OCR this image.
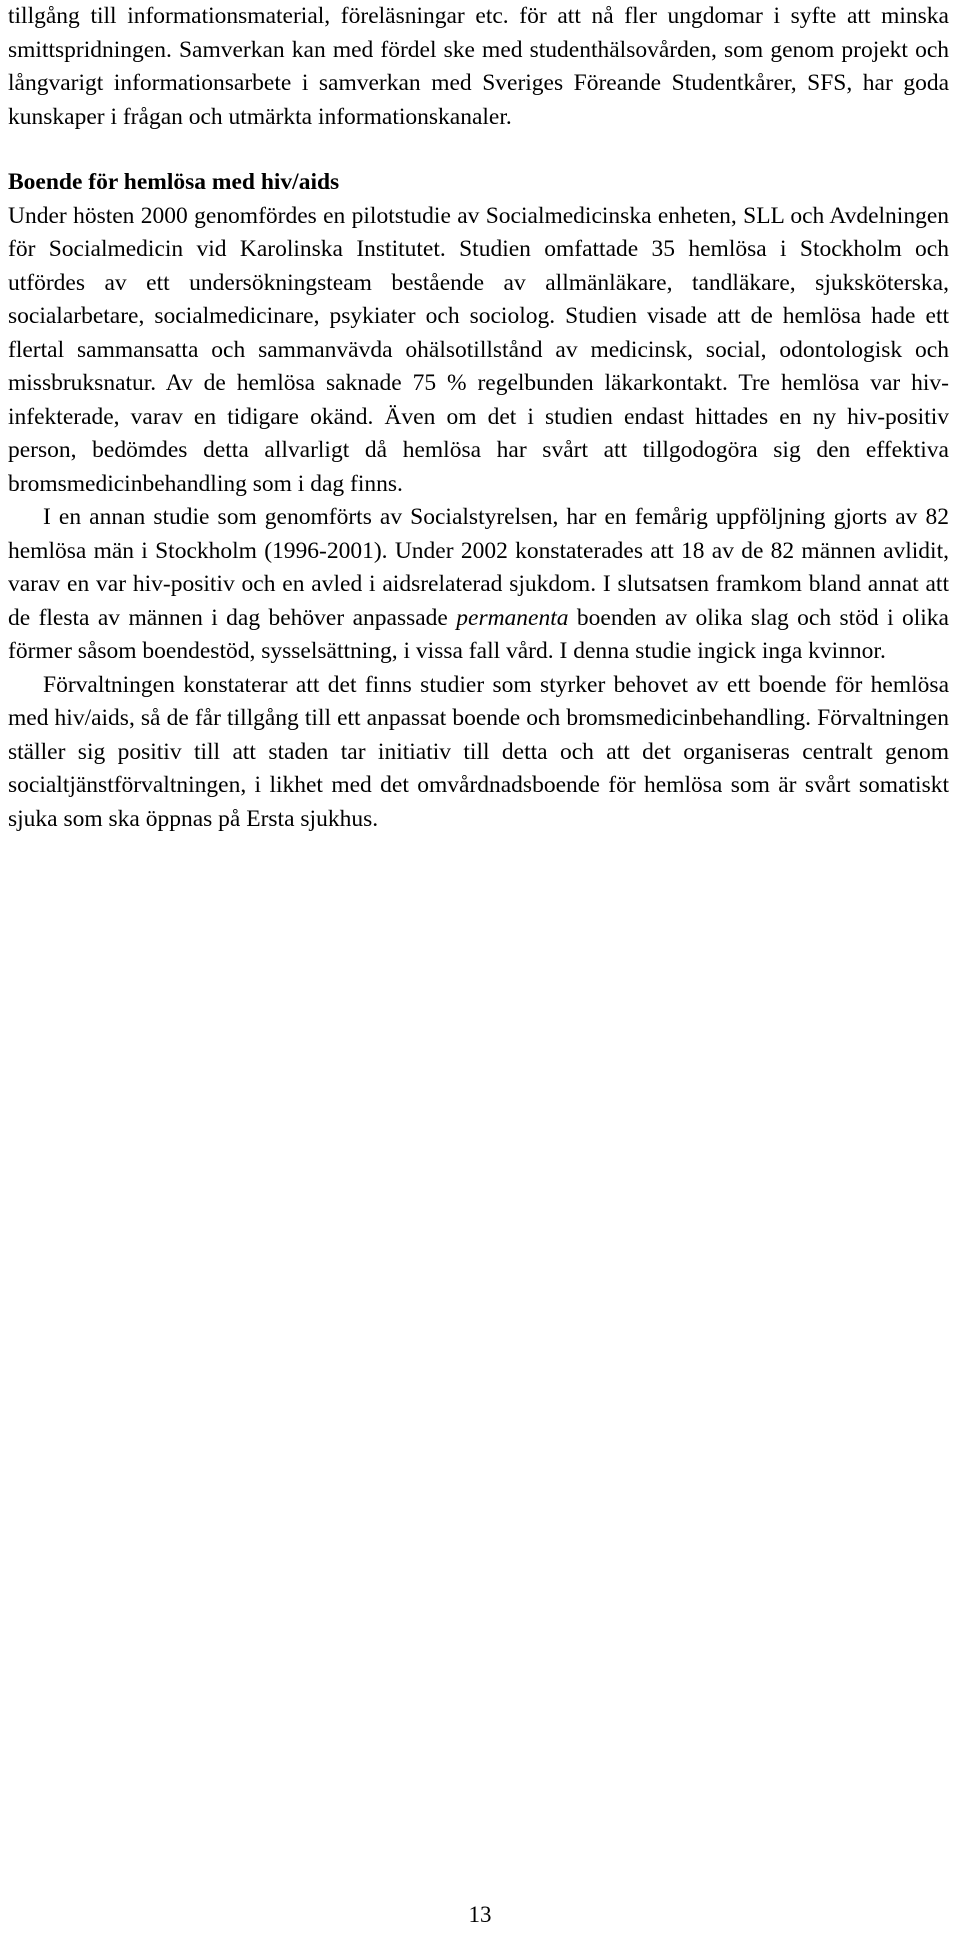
tillgång till informationsmaterial, föreläsningar etc. för att nå fler ungdomar i syfte att minska smittspridningen. Samverkan kan med fördel ske med studenthälsovården, som genom projekt och långvarigt informationsarbete i samverkan med Sveriges Föreande Studentkårer, SFS, har goda kunskaper i frågan och utmärkta informationskanaler.

Boende för hemlösa med hiv/aids

Under hösten 2000 genomfördes en pilotstudie av Socialmedicinska enheten, SLL och Avdelningen för Socialmedicin vid Karolinska Institutet. Studien omfattade 35 hemlösa i Stockholm och utfördes av ett undersökningsteam bestående av allmänläkare, tandläkare, sjuksköterska, socialarbetare, socialmedicinare, psykiater och sociolog. Studien visade att de hemlösa hade ett flertal sammansatta och sammanvävda ohälsotillstånd av medicinsk, social, odontologisk och missbruksnatur. Av de hemlösa saknade 75 % regelbunden läkarkontakt. Tre hemlösa var hiv-infekterade, varav en tidigare okänd. Även om det i studien endast hittades en ny hiv-positiv person, bedömdes detta allvarligt då hemlösa har svårt att tillgodogöra sig den effektiva bromsmedicinbehandling som i dag finns.

I en annan studie som genomförts av Socialstyrelsen, har en femårig uppföljning gjorts av 82 hemlösa män i Stockholm (1996-2001). Under 2002 konstaterades att 18 av de 82 männen avlidit, varav en var hiv-positiv och en avled i aidsrelaterad sjukdom. I slutsatsen framkom bland annat att de flesta av männen i dag behöver anpassade permanenta boenden av olika slag och stöd i olika förmer såsom boendestöd, sysselsättning, i vissa fall vård. I denna studie ingick inga kvinnor.

Förvaltningen konstaterar att det finns studier som styrker behovet av ett boende för hemlösa med hiv/aids, så de får tillgång till ett anpassat boende och bromsmedicinbehandling. Förvaltningen ställer sig positiv till att staden tar initiativ till detta och att det organiseras centralt genom socialtjänstförvaltningen, i likhet med det omvårdnadsboende för hemlösa som är svårt somatiskt sjuka som ska öppnas på Ersta sjukhus.

13
